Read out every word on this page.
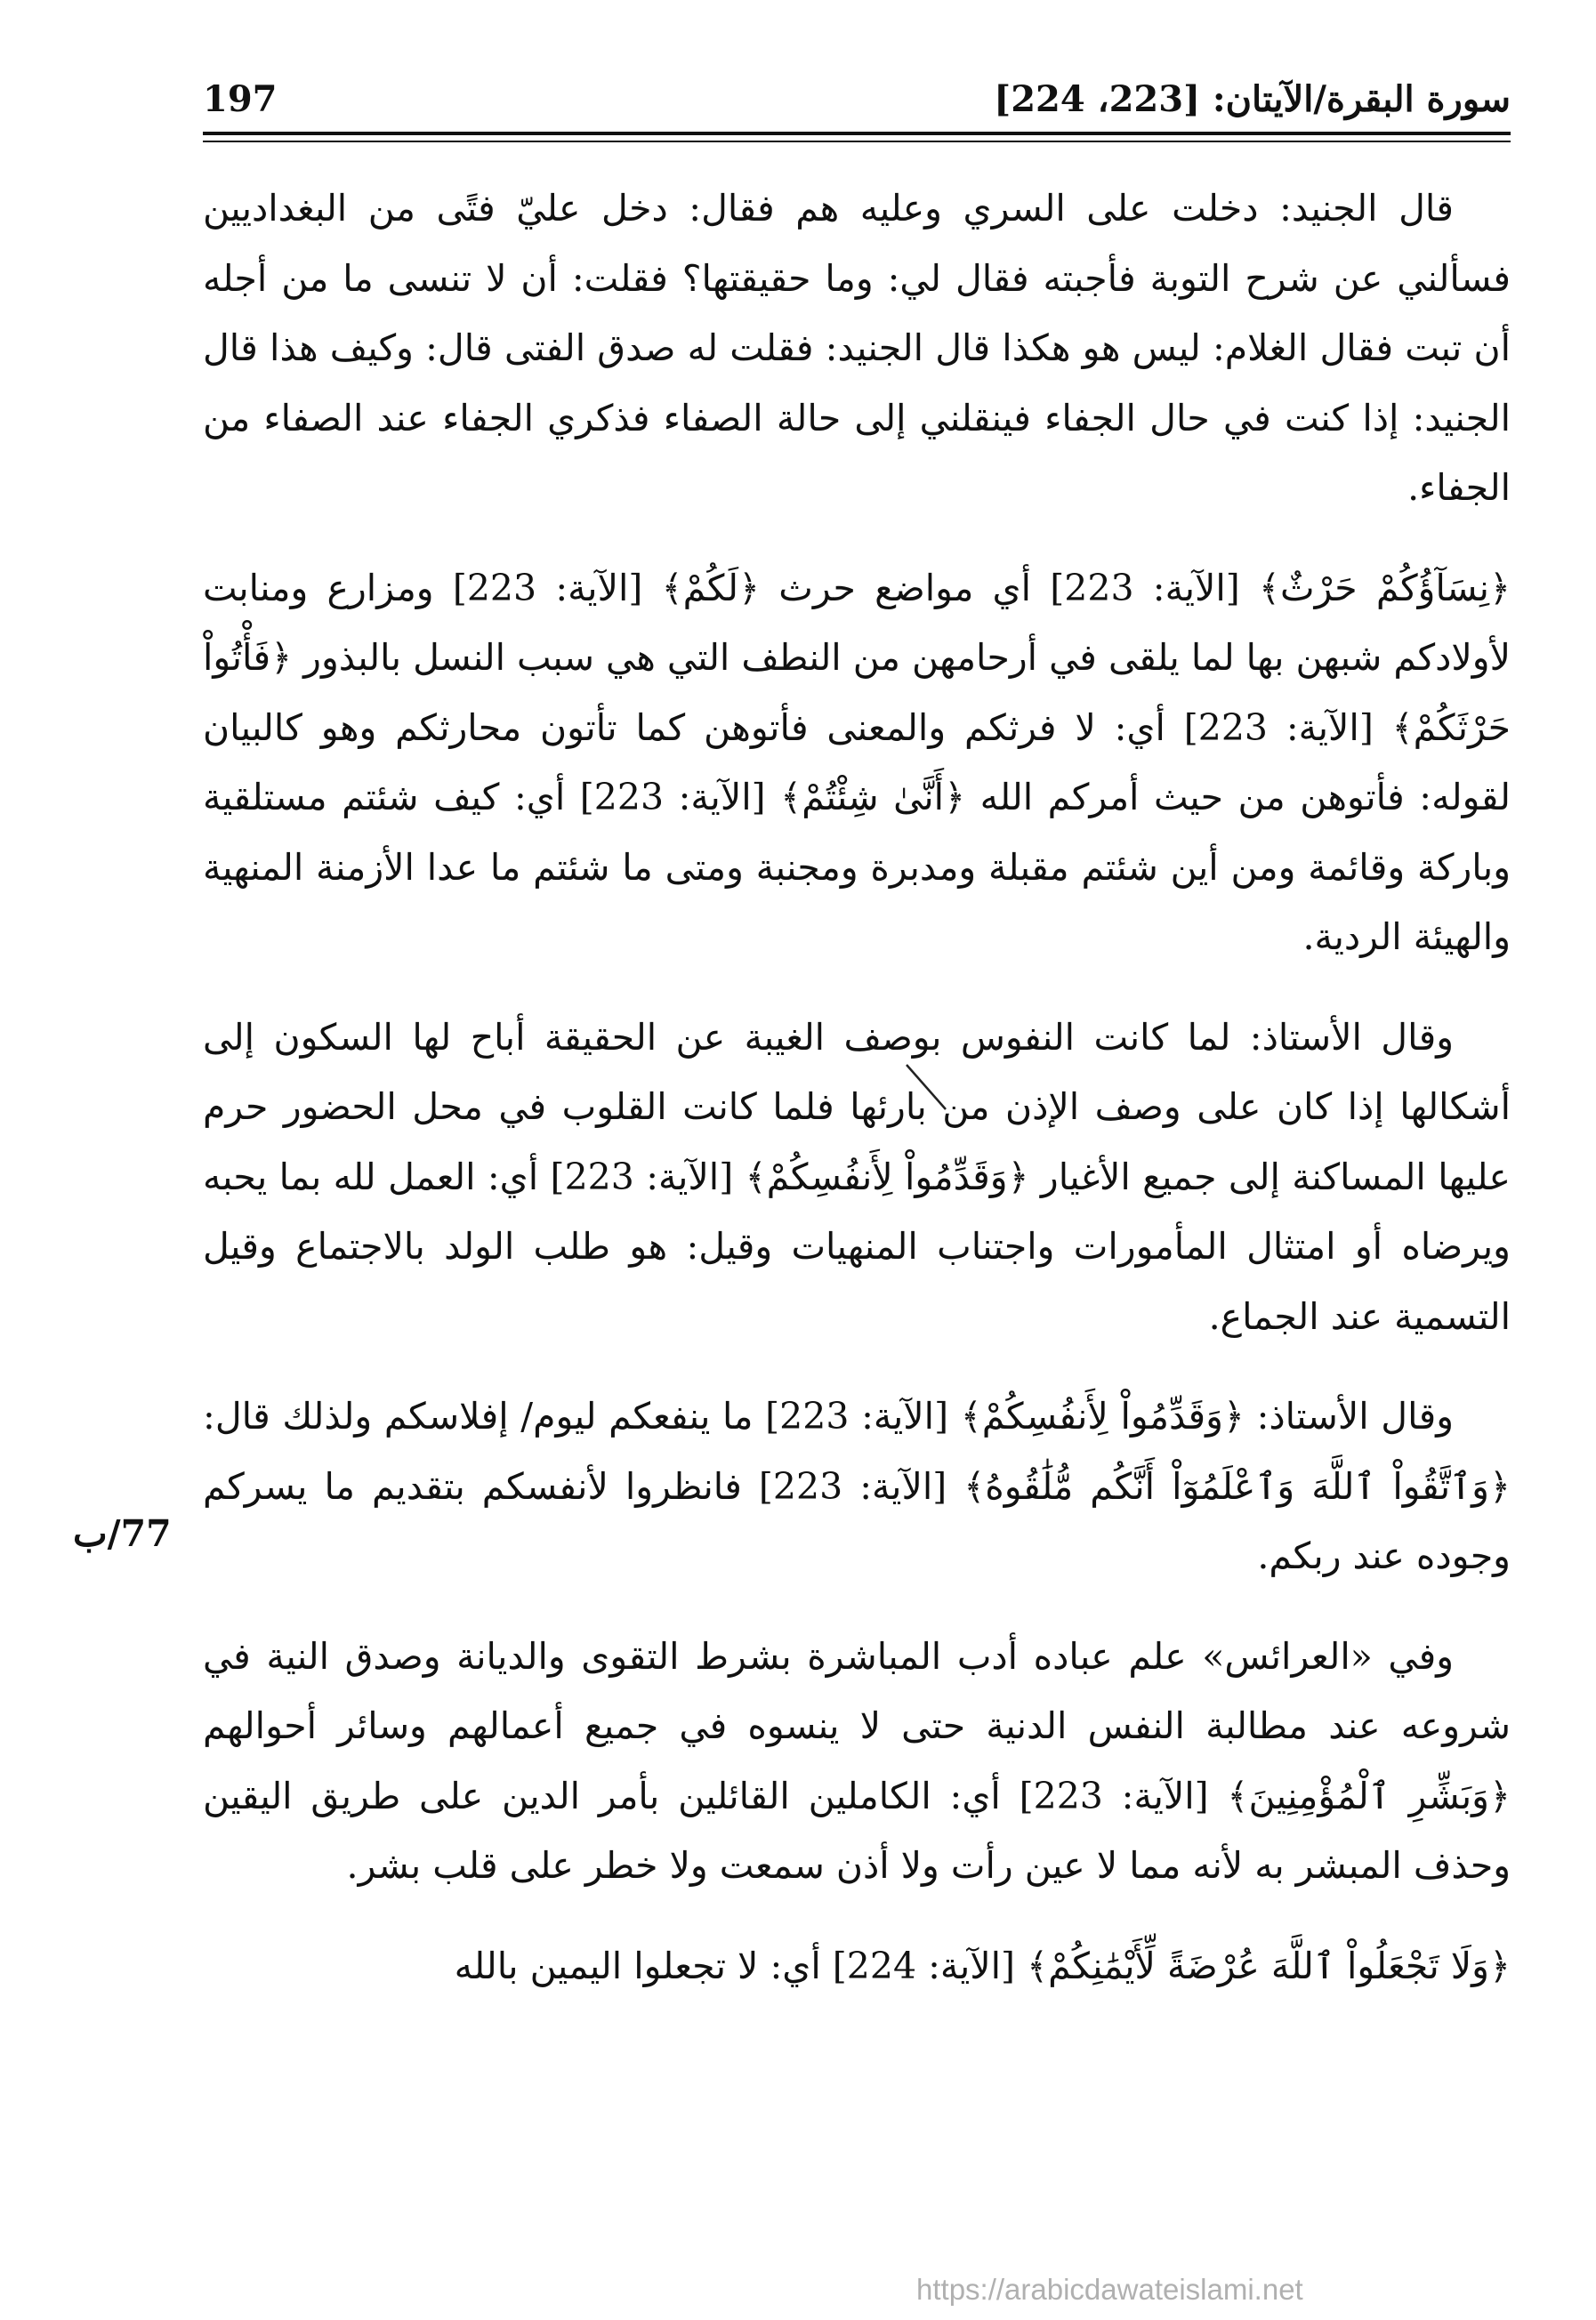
سورة البقرة/الآيتان: [223، 224]
197

قال الجنيد: دخلت على السري وعليه هم فقال: دخل عليّ فتًى من البغداديين فسألني عن شرح التوبة فأجبته فقال لي: وما حقيقتها؟ فقلت: أن لا تنسى ما من أجله أن تبت فقال الغلام: ليس هو هكذا قال الجنيد: فقلت له صدق الفتى قال: وكيف هذا قال الجنيد: إذا كنت في حال الجفاء فينقلني إلى حالة الصفاء فذكري الجفاء عند الصفاء من الجفاء.

﴿نِسَآؤُكُمْ حَرْثٌ﴾ [الآية: 223] أي مواضع حرث ﴿لَكُمْ﴾ [الآية: 223] ومزارع ومنابت لأولادكم شبهن بها لما يلقى في أرحامهن من النطف التي هي سبب النسل بالبذور ﴿فَأْتُواْ حَرْثَكُمْ﴾ [الآية: 223] أي: لا فرثكم والمعنى فأتوهن كما تأتون محارثكم وهو كالبيان لقوله: فأتوهن من حيث أمركم الله ﴿أَنَّىٰ شِئْتُمْ﴾ [الآية: 223] أي: كيف شئتم مستلقية وباركة وقائمة ومن أين شئتم مقبلة ومدبرة ومجنبة ومتى ما شئتم ما عدا الأزمنة المنهية والهيئة الردية.

وقال الأستاذ: لما كانت النفوس بوصف الغيبة عن الحقيقة أباح لها السكون إلى أشكالها إذا كان على وصف الإذن من بارئها فلما كانت القلوب في محل الحضور حرم عليها المساكنة إلى جميع الأغيار ﴿وَقَدِّمُواْ لِأَنفُسِكُمْ﴾ [الآية: 223] أي: العمل لله بما يحبه ويرضاه أو امتثال المأمورات واجتناب المنهيات وقيل: هو طلب الولد بالاجتماع وقيل التسمية عند الجماع.

وقال الأستاذ: ﴿وَقَدِّمُواْ لِأَنفُسِكُمْ﴾ [الآية: 223] ما ينفعكم ليوم/ إفلاسكم ولذلك قال: ﴿وَٱتَّقُواْ ٱللَّهَ وَٱعْلَمُوٓاْ أَنَّكُم مُّلَٰقُوهُ﴾ [الآية: 223] فانظروا لأنفسكم بتقديم ما يسركم وجوده عند ربكم.

وفي «العرائس» علم عباده أدب المباشرة بشرط التقوى والديانة وصدق النية في شروعه عند مطالبة النفس الدنية حتى لا ينسوه في جميع أعمالهم وسائر أحوالهم ﴿وَبَشِّرِ ٱلْمُؤْمِنِينَ﴾ [الآية: 223] أي: الكاملين القائلين بأمر الدين على طريق اليقين وحذف المبشر به لأنه مما لا عين رأت ولا أذن سمعت ولا خطر على قلب بشر.

﴿وَلَا تَجْعَلُواْ ٱللَّهَ عُرْضَةً لِّأَيْمَٰنِكُمْ﴾ [الآية: 224] أي: لا تجعلوا اليمين بالله

77/ب
https://arabicdawateislami.net
